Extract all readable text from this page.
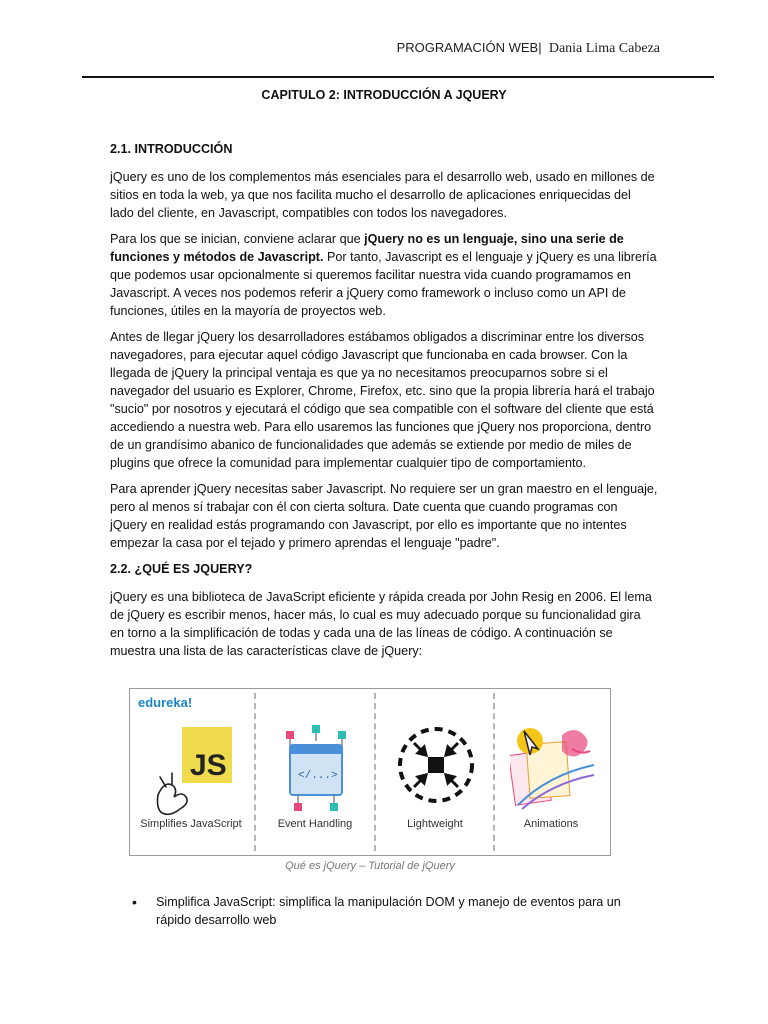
PROGRAMACIÓN WEB| Dania Lima Cabeza
CAPITULO 2: INTRODUCCIÓN A JQUERY
2.1. INTRODUCCIÓN

jQuery es uno de los complementos más esenciales para el desarrollo web, usado en millones de sitios en toda la web, ya que nos facilita mucho el desarrollo de aplicaciones enriquecidas del lado del cliente, en Javascript, compatibles con todos los navegadores.

Para los que se inician, conviene aclarar que jQuery no es un lenguaje, sino una serie de funciones y métodos de Javascript. Por tanto, Javascript es el lenguaje y jQuery es una librería que podemos usar opcionalmente si queremos facilitar nuestra vida cuando programamos en Javascript. A veces nos podemos referir a jQuery como framework o incluso como un API de funciones, útiles en la mayoría de proyectos web.

Antes de llegar jQuery los desarrolladores estábamos obligados a discriminar entre los diversos navegadores, para ejecutar aquel código Javascript que funcionaba en cada browser. Con la llegada de jQuery la principal ventaja es que ya no necesitamos preocuparnos sobre si el navegador del usuario es Explorer, Chrome, Firefox, etc. sino que la propia librería hará el trabajo "sucio" por nosotros y ejecutará el código que sea compatible con el software del cliente que está accediendo a nuestra web. Para ello usaremos las funciones que jQuery nos proporciona, dentro de un grandísimo abanico de funcionalidades que además se extiende por medio de miles de plugins que ofrece la comunidad para implementar cualquier tipo de comportamiento.

Para aprender jQuery necesitas saber Javascript. No requiere ser un gran maestro en el lenguaje, pero al menos sí trabajar con él con cierta soltura. Date cuenta que cuando programas con jQuery en realidad estás programando con Javascript, por ello es importante que no intentes empezar la casa por el tejado y primero aprendas el lenguaje "padre".

2.2. ¿QUÉ ES JQUERY?

jQuery es una biblioteca de JavaScript eficiente y rápida creada por John Resig en 2006. El lema de jQuery es escribir menos, hacer más, lo cual es muy adecuado porque su funcionalidad gira en torno a la simplificación de todas y cada una de las líneas de código. A continuación se muestra una lista de las características clave de jQuery:

edureka!
JS
Simplifies JavaScript
</...>
Event Handling	Lightweight	Animations
Qué es jQuery – Tutorial de jQuery
• Simplifica JavaScript: simplifica la manipulación DOM y manejo de eventos para un rápido desarrollo web
